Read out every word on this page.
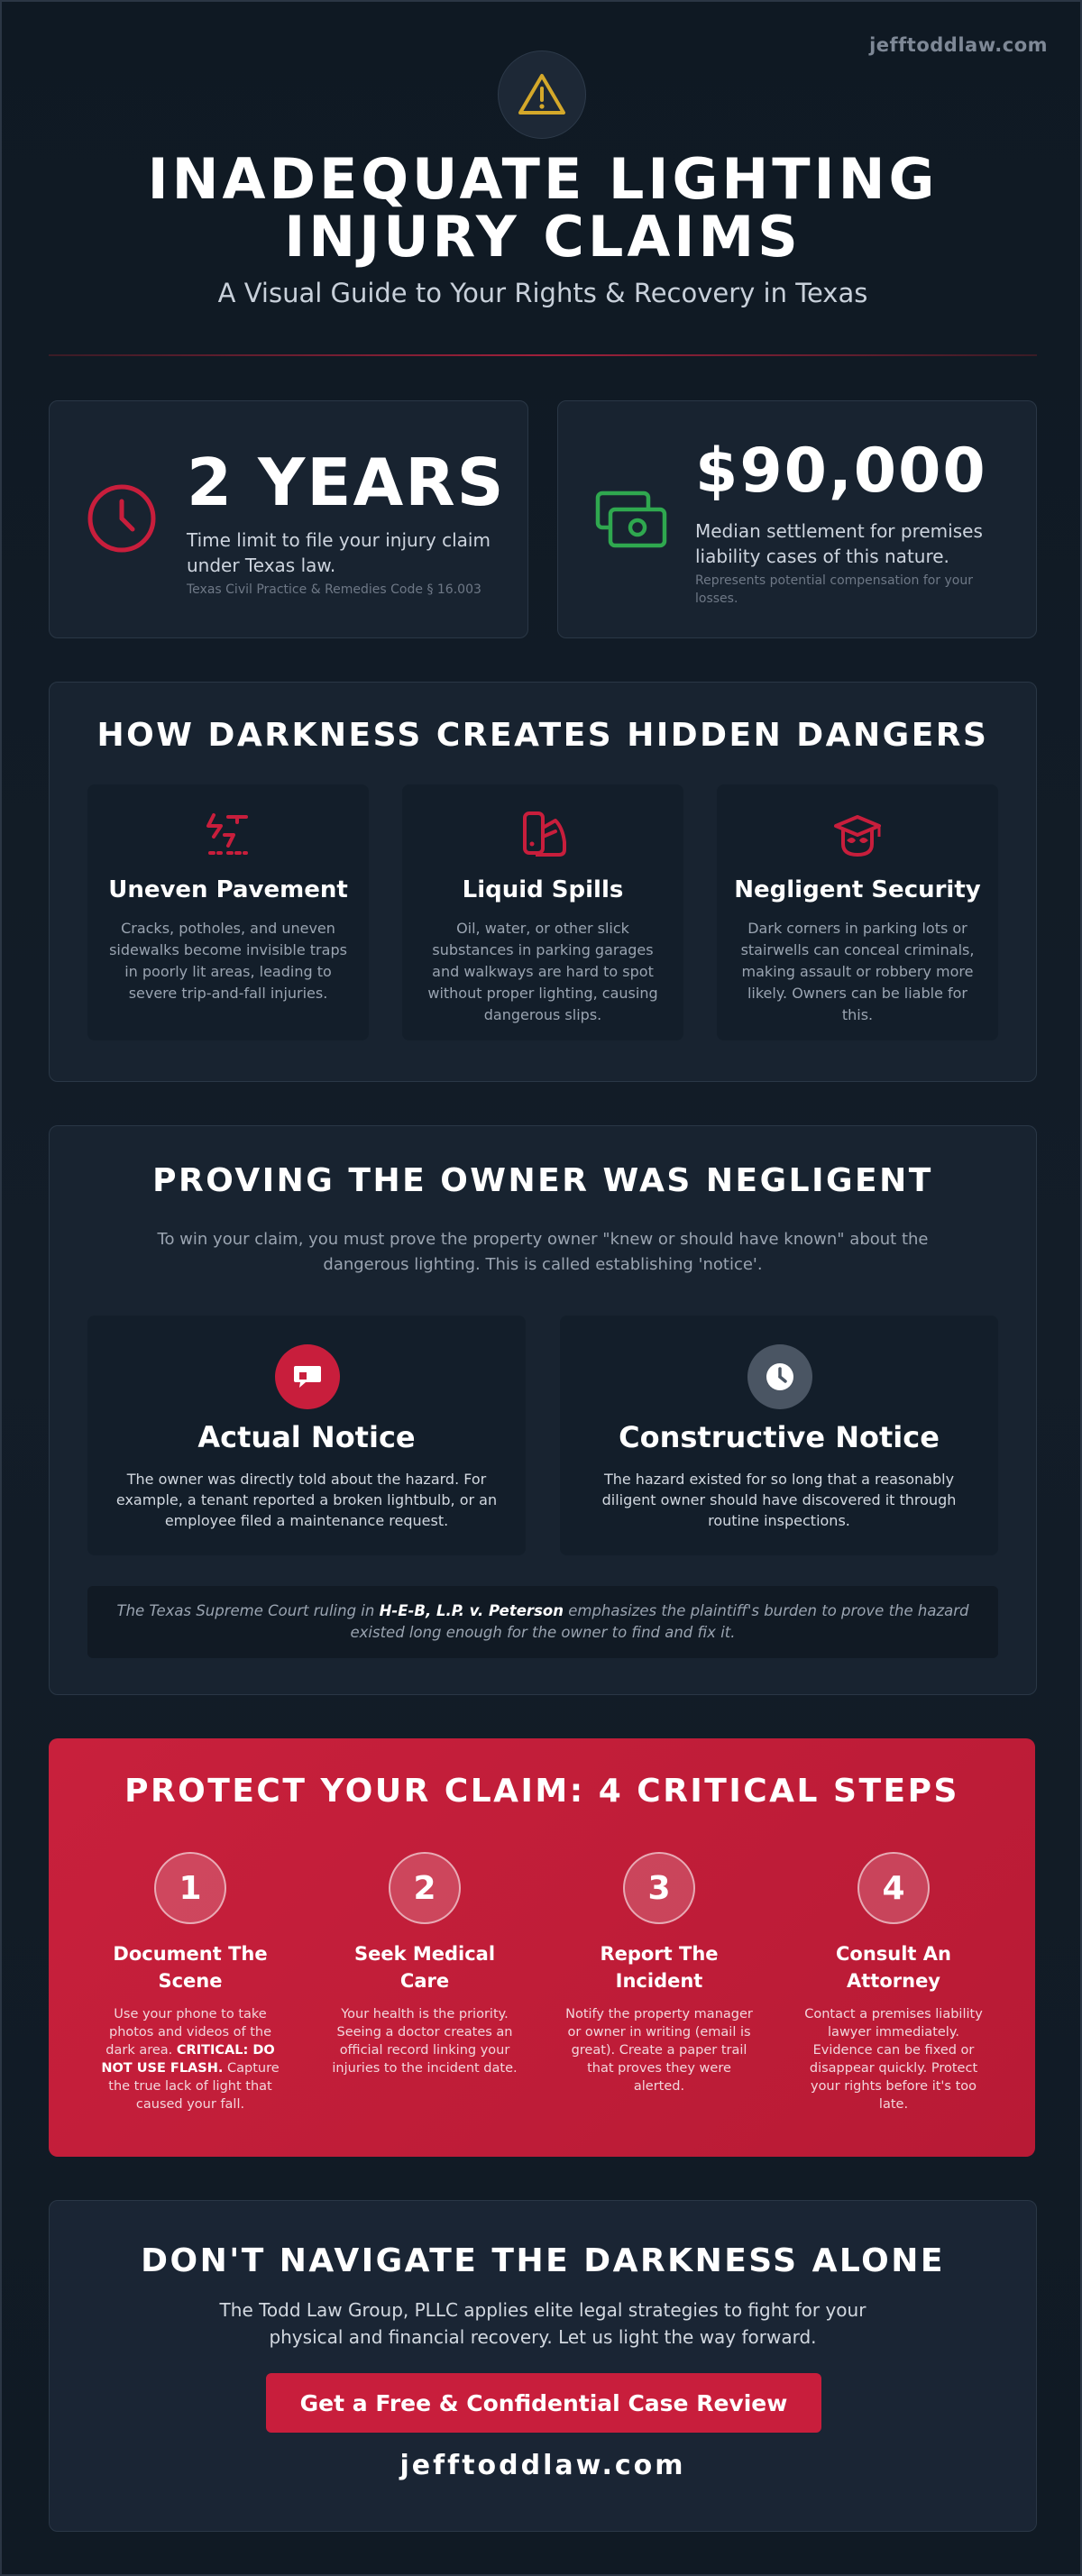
jefftoddlaw.com
INADEQUATE LIGHTING
INJURY CLAIMS
A Visual Guide to Your Rights & Recovery in Texas
2 YEARS
Time limit to file your injury claim under Texas law.
Texas Civil Practice & Remedies Code § 16.003
$90,000
Median settlement for premises liability cases of this nature.
Represents potential compensation for your losses.
HOW DARKNESS CREATES HIDDEN DANGERS
Uneven Pavement
Cracks, potholes, and uneven sidewalks become invisible traps in poorly lit areas, leading to severe trip-and-fall injuries.
Liquid Spills
Oil, water, or other slick substances in parking garages and walkways are hard to spot without proper lighting, causing dangerous slips.
Negligent Security
Dark corners in parking lots or stairwells can conceal criminals, making assault or robbery more likely. Owners can be liable for this.
PROVING THE OWNER WAS NEGLIGENT
To win your claim, you must prove the property owner "knew or should have known" about the dangerous lighting. This is called establishing 'notice'.
Actual Notice
The owner was directly told about the hazard. For example, a tenant reported a broken lightbulb, or an employee filed a maintenance request.
Constructive Notice
The hazard existed for so long that a reasonably diligent owner should have discovered it through routine inspections.
The Texas Supreme Court ruling in H-E-B, L.P. v. Peterson emphasizes the plaintiff's burden to prove the hazard existed long enough for the owner to find and fix it.
PROTECT YOUR CLAIM: 4 CRITICAL STEPS
1
Document The Scene
Use your phone to take photos and videos of the dark area. CRITICAL: DO NOT USE FLASH. Capture the true lack of light that caused your fall.
2
Seek Medical Care
Your health is the priority. Seeing a doctor creates an official record linking your injuries to the incident date.
3
Report The Incident
Notify the property manager or owner in writing (email is great). Create a paper trail that proves they were alerted.
4
Consult An Attorney
Contact a premises liability lawyer immediately. Evidence can be fixed or disappear quickly. Protect your rights before it's too late.
DON'T NAVIGATE THE DARKNESS ALONE
The Todd Law Group, PLLC applies elite legal strategies to fight for your physical and financial recovery. Let us light the way forward.
Get a Free & Confidential Case Review
jefftoddlaw.com
